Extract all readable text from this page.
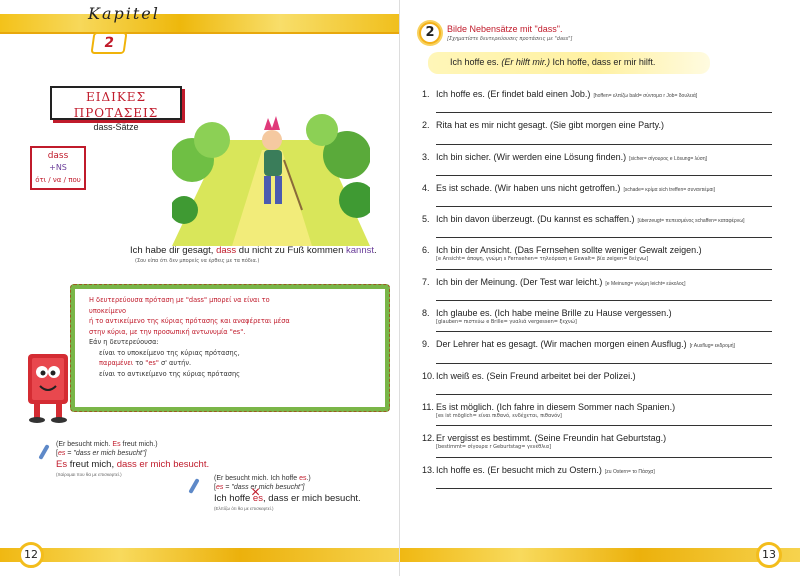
Kapitel
2
ΕΙΔΙΚΕΣ ΠΡΟΤΑΣΕΙΣ
dass-Sätze
dass
+NS
ότι / να / που
Ich habe dir gesagt, dass du nicht zu Fuß kommen kannst.
(Σου είπα ότι δεν μπορείς να έρθεις με τα πόδια.)
Η δευτερεύουσα πρόταση με "dass" μπορεί να είναι το
υποκείμενο
ή το αντικείμενο της κύριας πρότασης και αναφέρεται μέσα
στην κύρια, με την προσωπική αντωνυμία "es".
Εάν η δευτερεύουσα:
είναι το υποκείμενο της κύριας πρότασης,
παραμένει το "es" σ' αυτήν.
είναι το αντικείμενο της κύριας πρότασης
(Er besucht mich. Es freut mich.)
[es = "dass er mich besucht"]
Es freut mich, dass er mich besucht.
(Χαίρομαι που θα με επισκεφτεί.)
(Er besucht mich. Ich hoffe es.)
[es = "dass er mich besucht"]
Ich hoffe es ×, dass er mich besucht.
(Ελπίζω ότι θα με επισκεφτεί.)
12
2	Bilde Nebensätze mit "dass".
[Σχηματίστε δευτερεύουσες προτάσεις με "dass"]
Ich hoffe es. (Er hilft mir.) Ich hoffe, dass er mir hilft.
1. Ich hoffe es. (Er findet bald einen Job.) [hoffen= ελπίζω bald= σύντομα r Job= δουλειά]
2. Rita hat es mir nicht gesagt. (Sie gibt morgen eine Party.)
3. Ich bin sicher. (Wir werden eine Lösung finden.) [sicher= σίγουρος e Lösung= λύση]
4. Es ist schade. (Wir haben uns nicht getroffen.) [schade= κρίμα sich treffen= συναντιέμαι]
5. Ich bin davon überzeugt. (Du kannst es schaffen.) [überzeugt= πεπεισμένος schaffen= καταφέρνω]
6. Ich bin der Ansicht. (Das Fernsehen sollte weniger Gewalt zeigen.)
[e Ansicht= άποψη, γνώμη s Fernsehen= τηλεόραση e Gewalt= βία zeigen= δείχνω]
7. Ich bin der Meinung. (Der Test war leicht.) [e Meinung= γνώμη leicht= εύκολος]
8. Ich glaube es. (Ich habe meine Brille zu Hause vergessen.)
[glauben= πιστεύω e Brille= γυαλιά vergessen= ξεχνώ]
9. Der Lehrer hat es gesagt. (Wir machen morgen einen Ausflug.) [r Ausflug= εκδρομή]
10. Ich weiß es. (Sein Freund arbeitet bei der Polizei.)
11. Es ist möglich. (Ich fahre in diesem Sommer nach Spanien.)
[es ist möglich= είναι πιθανό, ενδέχεται, πιθανόν]
12. Er vergisst es bestimmt. (Seine Freundin hat Geburtstag.)
[bestimmt= σίγουρα r Geburtstag= γενέθλια]
13. Ich hoffe es. (Er besucht mich zu Ostern.) [zu Ostern= το Πάσχα]
13
